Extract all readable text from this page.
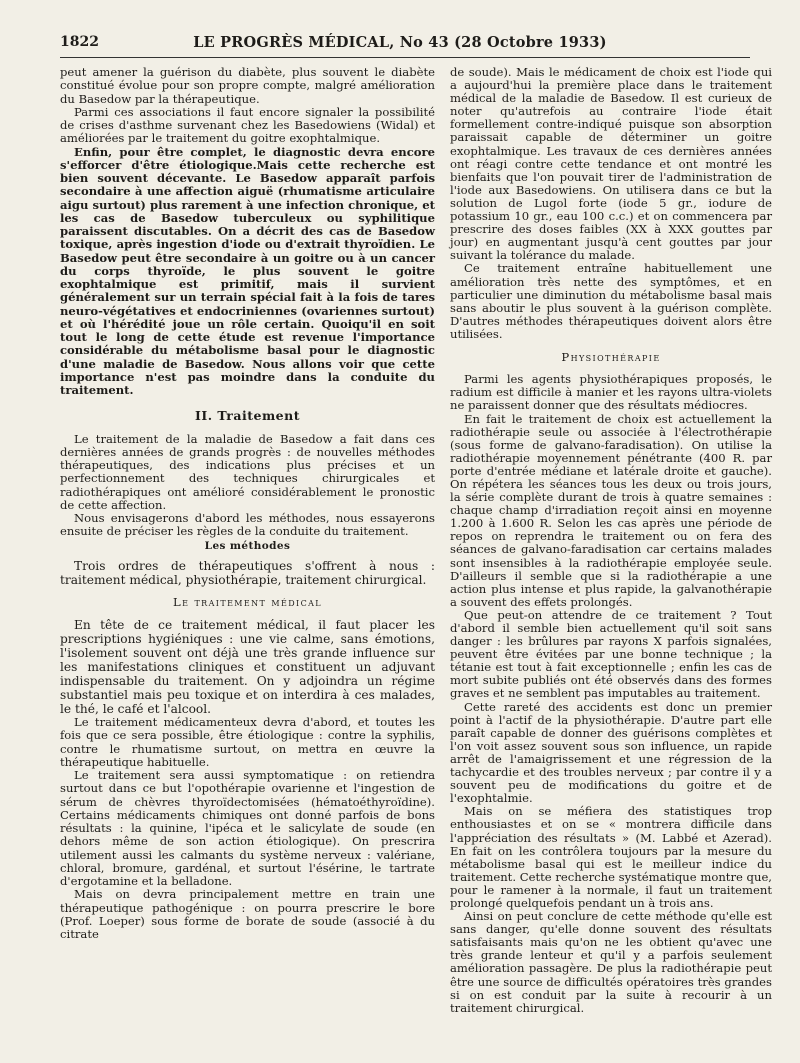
1822	LE PROGRÈS MÉDICAL, No 43 (28 Octobre 1933)

peut amener la guérison du diabète, plus souvent le diabète constitué évolue pour son propre compte, malgré amélioration du Basedow par la thérapeutique.

Parmi ces associations il faut encore signaler la possibilité de crises d'asthme survenant chez les Basedowiens (Widal) et améliorées par le traitement du goitre exophtalmique.

Enfin, pour être complet, le diagnostic devra encore s'efforcer d'être étiologique.Mais cette recherche est bien souvent décevante. Le Basedow apparaît parfois secondaire à une affection aiguë (rhumatisme articulaire aigu surtout) plus rarement à une infection chronique, et les cas de Basedow tuberculeux ou syphilitique paraissent discutables. On a décrit des cas de Basedow toxique, après ingestion d'iode ou d'extrait thyroïdien. Le Basedow peut être secondaire à un goitre ou à un cancer du corps thyroïde, le plus souvent le goitre exophtalmique est primitif, mais il survient généralement sur un terrain spécial fait à la fois de tares neuro-végétatives et endocriniennes (ovariennes surtout) et où l'hérédité joue un rôle certain. Quoiqu'il en soit tout le long de cette étude est revenue l'importance considérable du métabolisme basal pour le diagnostic d'une maladie de Basedow. Nous allons voir que cette importance n'est pas moindre dans la conduite du traitement.

II. Traitement

Le traitement de la maladie de Basedow a fait dans ces dernières années de grands progrès : de nouvelles méthodes thérapeutiques, des indications plus précises et un perfectionnement des techniques chirurgicales et radiothérapiques ont amélioré considérablement le pronostic de cette affection.

Nous envisagerons d'abord les méthodes, nous essayerons ensuite de préciser les règles de la conduite du traitement.

Les méthodes

Trois ordres de thérapeutiques s'offrent à nous : traitement médical, physiothérapie, traitement chirurgical.

Le traitement médical

En tête de ce traitement médical, il faut placer les prescriptions hygiéniques : une vie calme, sans émotions, l'isolement souvent ont déjà une très grande influence sur les manifestations cliniques et constituent un adjuvant indispensable du traitement. On y adjoindra un régime substantiel mais peu toxique et on interdira à ces malades, le thé, le café et l'alcool.

Le traitement médicamenteux devra d'abord, et toutes les fois que ce sera possible, être étiologique : contre la syphilis, contre le rhumatisme surtout, on mettra en œuvre la thérapeutique habituelle.

Le traitement sera aussi symptomatique : on retiendra surtout dans ce but l'opothérapie ovarienne et l'ingestion de sérum de chèvres thyroïdectomisées (hématoéthyroïdine). Certains médicaments chimiques ont donné parfois de bons résultats : la quinine, l'ipéca et le salicylate de soude (en dehors même de son action étiologique). On prescrira utilement aussi les calmants du système nerveux : valériane, chloral, bromure, gardénal, et surtout l'ésérine, le tartrate d'ergotamine et la belladone.

Mais on devra principalement mettre en train une thérapeutique pathogénique : on pourra prescrire le bore (Prof. Loeper) sous forme de borate de soude (associé à du citrate

de soude). Mais le médicament de choix est l'iode qui a aujourd'hui la première place dans le traitement médical de la maladie de Basedow. Il est curieux de noter qu'autrefois au contraire l'iode était formellement contre-indiqué puisque son absorption paraissait capable de déterminer un goitre exophtalmique. Les travaux de ces dernières années ont réagi contre cette tendance et ont montré les bienfaits que l'on pouvait tirer de l'administration de l'iode aux Basedowiens. On utilisera dans ce but la solution de Lugol forte (iode 5 gr., iodure de potassium 10 gr., eau 100 c.c.) et on commencera par prescrire des doses faibles (XX à XXX gouttes par jour) en augmentant jusqu'à cent gouttes par jour suivant la tolérance du malade.

Ce traitement entraîne habituellement une amélioration très nette des symptômes, et en particulier une diminution du métabolisme basal mais sans aboutir le plus souvent à la guérison complète. D'autres méthodes thérapeutiques doivent alors être utilisées.

Physiothérapie

Parmi les agents physiothérapiques proposés, le radium est difficile à manier et les rayons ultra-violets ne paraissent donner que des résultats médiocres.

En fait le traitement de choix est actuellement la radiothérapie seule ou associée à l'électrothérapie (sous forme de galvano-faradisation). On utilise la radiothérapie moyennement pénétrante (400 R. par porte d'entrée médiane et latérale droite et gauche). On répétera les séances tous les deux ou trois jours, la série complète durant de trois à quatre semaines : chaque champ d'irradiation reçoit ainsi en moyenne 1.200 à 1.600 R. Selon les cas après une période de repos on reprendra le traitement ou on fera des séances de galvano-faradisation car certains malades sont insensibles à la radiothérapie employée seule. D'ailleurs il semble que si la radiothérapie a une action plus intense et plus rapide, la galvanothérapie a souvent des effets prolongés.

Que peut-on attendre de ce traitement ? Tout d'abord il semble bien actuellement qu'il soit sans danger : les brûlures par rayons X parfois signalées, peuvent être évitées par une bonne technique ; la tétanie est tout à fait exceptionnelle ; enfin les cas de mort subite publiés ont été observés dans des formes graves et ne semblent pas imputables au traitement.

Cette rareté des accidents est donc un premier point à l'actif de la physiothérapie. D'autre part elle paraît capable de donner des guérisons complètes et l'on voit assez souvent sous son influence, un rapide arrêt de l'amaigrissement et une régression de la tachycardie et des troubles nerveux ; par contre il y a souvent peu de modifications du goitre et de l'exophtalmie.

Mais on se méfiera des statistiques trop enthousiastes et on se « montrera difficile dans l'appréciation des résultats » (M. Labbé et Azerad). En fait on les contrôlera toujours par la mesure du métabolisme basal qui est le meilleur indice du traitement. Cette recherche systématique montre que, pour le ramener à la normale, il faut un traitement prolongé quelquefois pendant un à trois ans.

Ainsi on peut conclure de cette méthode qu'elle est sans danger, qu'elle donne souvent des résultats satisfaisants mais qu'on ne les obtient qu'avec une très grande lenteur et qu'il y a parfois seulement amélioration passagère. De plus la radiothérapie peut être une source de difficultés opératoires très grandes si on est conduit par la suite à recourir à un traitement chirurgical.
